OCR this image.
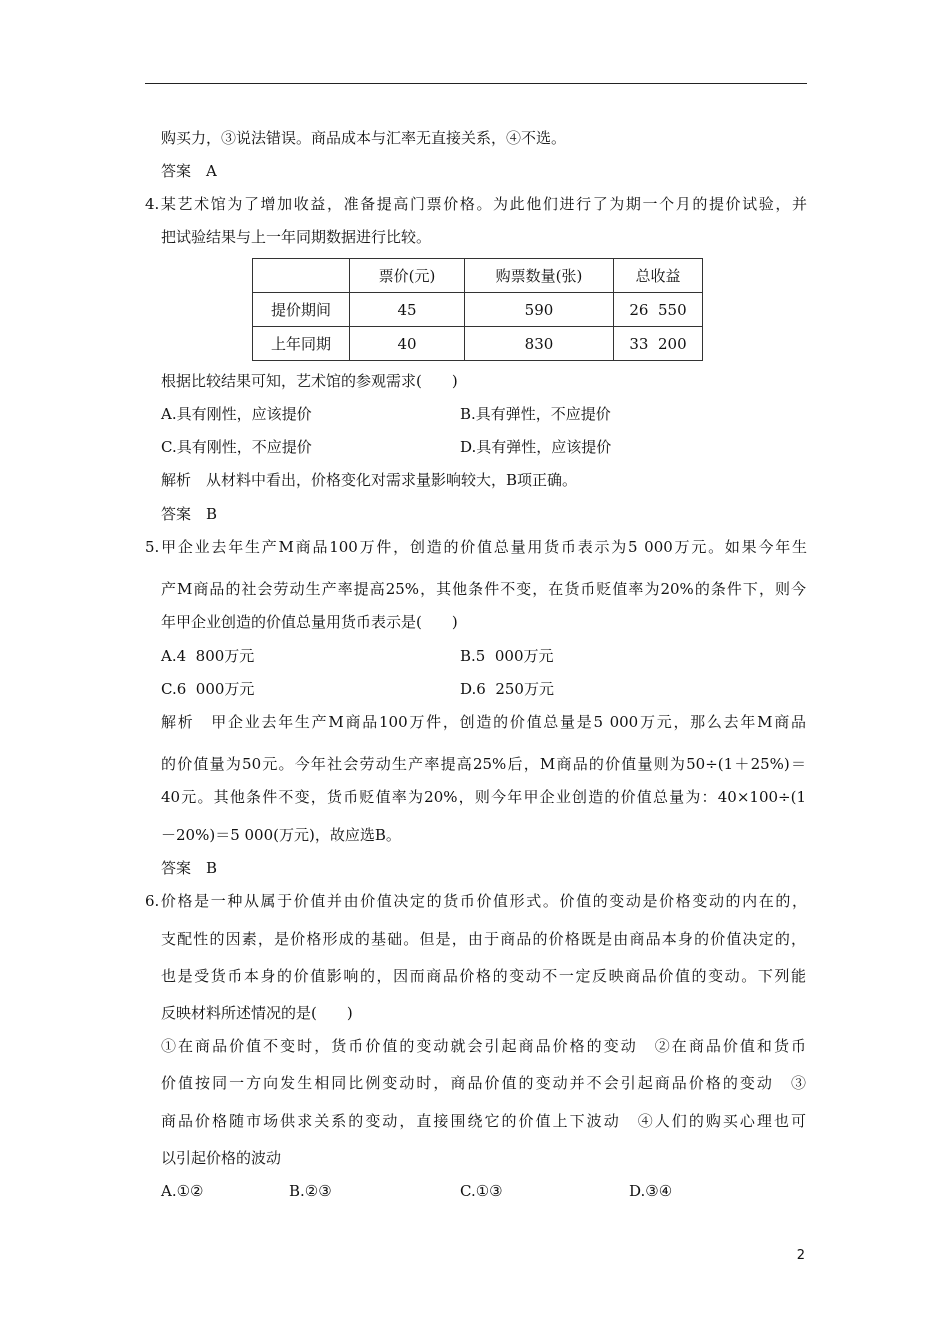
购买力，③说法错误。商品成本与汇率无直接关系，④不选。
答案　A
4.某艺术馆为了增加收益，准备提高门票价格。为此他们进行了为期一个月的提价试验，并
把试验结果与上一年同期数据进行比较。
	票价(元)	购票数量(张)	总收益
提价期间	45	590	26  550
上年同期	40	830	33  200
根据比较结果可知，艺术馆的参观需求(　　)
A.具有刚性，应该提价	B.具有弹性，不应提价
C.具有刚性，不应提价	D.具有弹性，应该提价
解析　从材料中看出，价格变化对需求量影响较大，B项正确。
答案　B
5.甲企业去年生产M商品100万件，创造的价值总量用货币表示为5 000万元。如果今年生
产M商品的社会劳动生产率提高25%，其他条件不变，在货币贬值率为20%的条件下，则今
年甲企业创造的价值总量用货币表示是(　　)
A.4  800万元	B.5  000万元
C.6  000万元	D.6  250万元
解析　甲企业去年生产M商品100万件，创造的价值总量是5 000万元，那么去年M商品
的价值量为50元。今年社会劳动生产率提高25%后，M商品的价值量则为50÷(1＋25%)＝
40元。其他条件不变，货币贬值率为20%，则今年甲企业创造的价值总量为：40×100÷(1
－20%)＝5 000(万元)，故应选B。
答案　B
6.价格是一种从属于价值并由价值决定的货币价值形式。价值的变动是价格变动的内在的，
支配性的因素，是价格形成的基础。但是，由于商品的价格既是由商品本身的价值决定的，
也是受货币本身的价值影响的，因而商品价格的变动不一定反映商品价值的变动。下列能
反映材料所述情况的是(　　)
①在商品价值不变时，货币价值的变动就会引起商品价格的变动　②在商品价值和货币
价值按同一方向发生相同比例变动时，商品价值的变动并不会引起商品价格的变动　③
商品价格随市场供求关系的变动，直接围绕它的价值上下波动　④人们的购买心理也可
以引起价格的波动
A.①②	B.②③	C.①③	D.③④
2
